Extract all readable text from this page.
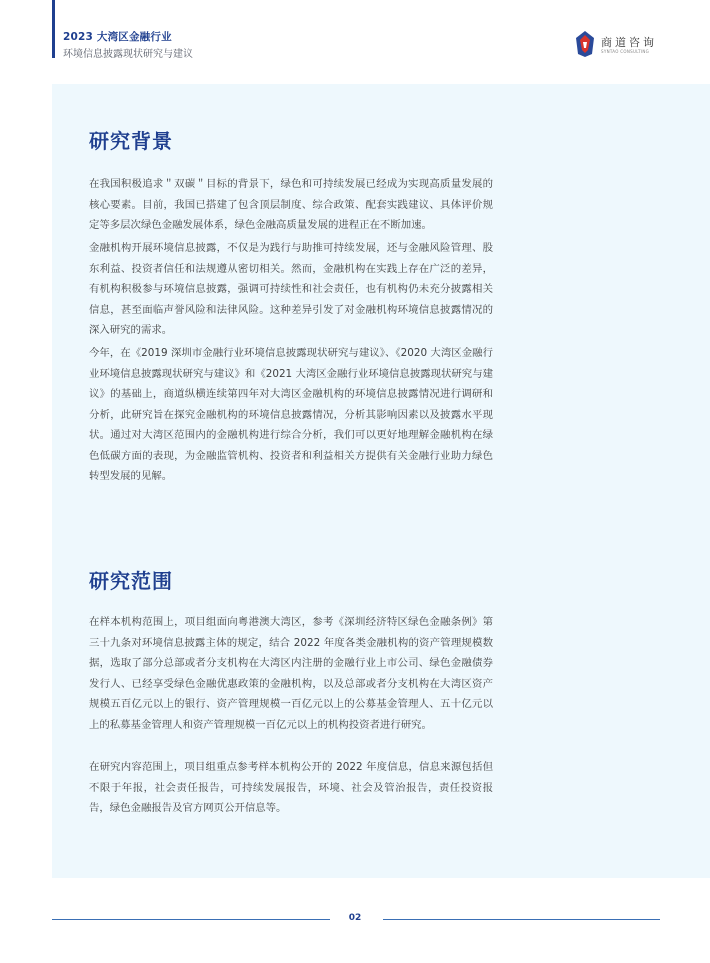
2023 大湾区金融行业
环境信息披露现状研究与建议
商道咨询
SYNTAO CONSULTING
研究背景

在我国积极追求＂双碳＂目标的背景下，绿色和可持续发展已经成为实现高质量发展的核心要素。目前，我国已搭建了包含顶层制度、综合政策、配套实践建议、具体评价规定等多层次绿色金融发展体系，绿色金融高质量发展的进程正在不断加速。

金融机构开展环境信息披露，不仅是为践行与助推可持续发展，还与金融风险管理、股东利益、投资者信任和法规遵从密切相关。然而，金融机构在实践上存在广泛的差异，有机构积极参与环境信息披露，强调可持续性和社会责任，也有机构仍未充分披露相关信息，甚至面临声誉风险和法律风险。这种差异引发了对金融机构环境信息披露情况的深入研究的需求。

今年，在《2019 深圳市金融行业环境信息披露现状研究与建议》、《2020 大湾区金融行业环境信息披露现状研究与建议》和《2021 大湾区金融行业环境信息披露现状研究与建议》的基础上，商道纵横连续第四年对大湾区金融机构的环境信息披露情况进行调研和分析，此研究旨在探究金融机构的环境信息披露情况，分析其影响因素以及披露水平现状。通过对大湾区范围内的金融机构进行综合分析，我们可以更好地理解金融机构在绿色低碳方面的表现，为金融监管机构、投资者和利益相关方提供有关金融行业助力绿色转型发展的见解。

研究范围

在样本机构范围上，项目组面向粤港澳大湾区，参考《深圳经济特区绿色金融条例》第三十九条对环境信息披露主体的规定，结合 2022 年度各类金融机构的资产管理规模数据，选取了部分总部或者分支机构在大湾区内注册的金融行业上市公司、绿色金融债券发行人、已经享受绿色金融优惠政策的金融机构，以及总部或者分支机构在大湾区资产规模五百亿元以上的银行、资产管理规模一百亿元以上的公募基金管理人、五十亿元以上的私募基金管理人和资产管理规模一百亿元以上的机构投资者进行研究。

在研究内容范围上，项目组重点参考样本机构公开的 2022 年度信息，信息来源包括但不限于年报，社会责任报告，可持续发展报告，环境、社会及管治报告，责任投资报告，绿色金融报告及官方网页公开信息等。

02
